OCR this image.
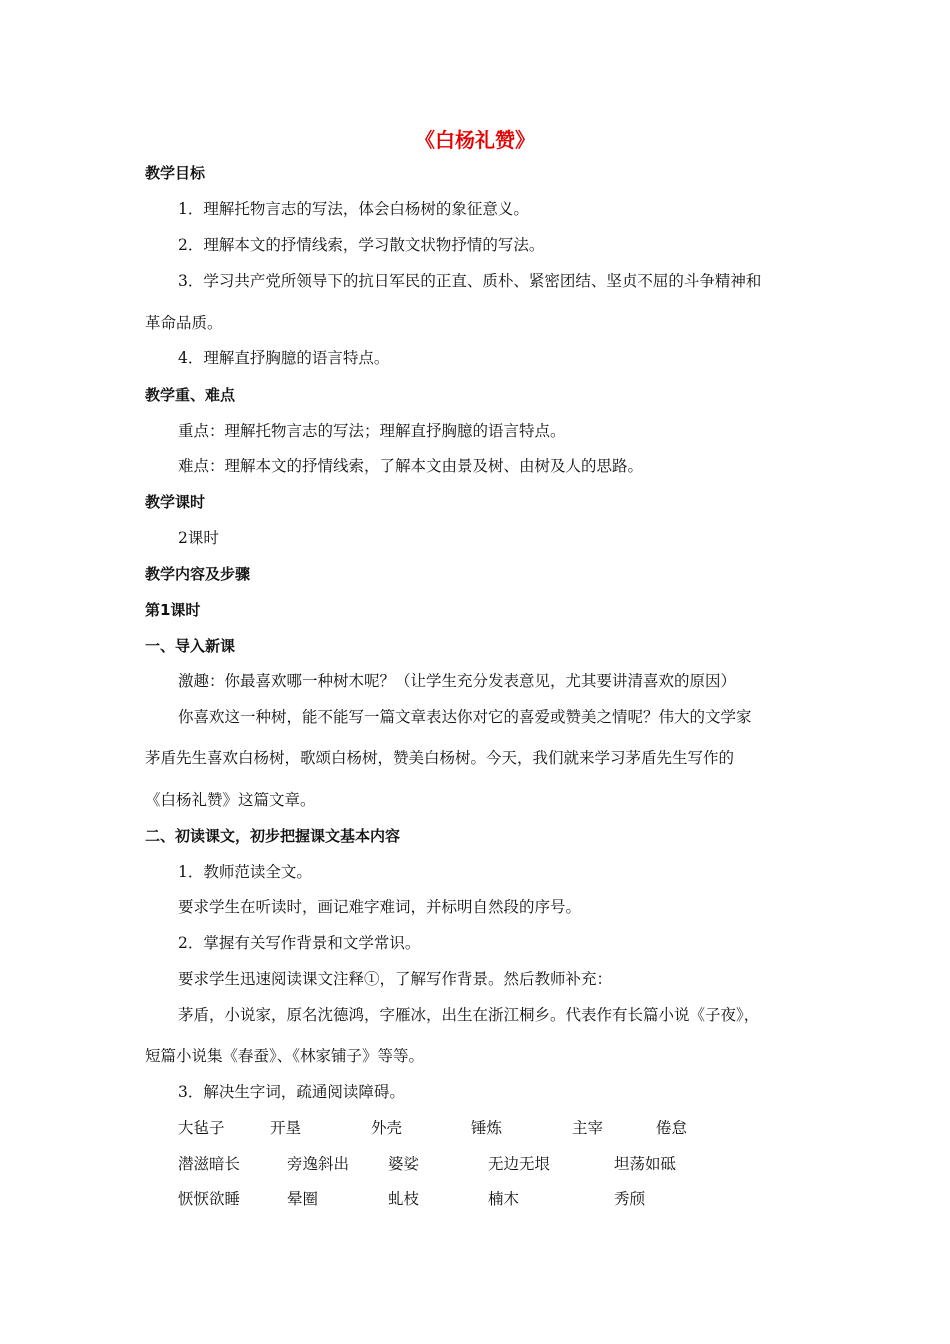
《白杨礼赞》
教学目标
1．理解托物言志的写法，体会白杨树的象征意义。
2．理解本文的抒情线索，学习散文状物抒情的写法。
3．学习共产党所领导下的抗日军民的正直、质朴、紧密团结、坚贞不屈的斗争精神和
革命品质。
4．理解直抒胸臆的语言特点。
教学重、难点
重点：理解托物言志的写法；理解直抒胸臆的语言特点。
难点：理解本文的抒情线索，了解本文由景及树、由树及人的思路。
教学课时
2课时
教学内容及步骤
第1课时
一、导入新课
激趣：你最喜欢哪一种树木呢？（让学生充分发表意见，尤其要讲清喜欢的原因）
你喜欢这一种树，能不能写一篇文章表达你对它的喜爱或赞美之情呢？伟大的文学家
茅盾先生喜欢白杨树，歌颂白杨树，赞美白杨树。今天，我们就来学习茅盾先生写作的
《白杨礼赞》这篇文章。
二、初读课文，初步把握课文基本内容
1．教师范读全文。
要求学生在听读时，画记难字难词，并标明自然段的序号。
2．掌握有关写作背景和文学常识。
要求学生迅速阅读课文注释①，了解写作背景。然后教师补充：
茅盾，小说家，原名沈德鸿，字雁冰，出生在浙江桐乡。代表作有长篇小说《子夜》，
短篇小说集《春蚕》、《林家铺子》等等。
3．解决生字词，疏通阅读障碍。
大毡子	开垦	外壳	锤炼	主宰	倦怠
潜滋暗长	旁逸斜出	婆娑	无边无垠	坦荡如砥
恹恹欲睡	晕圈	虬枝	楠木	秀颀
